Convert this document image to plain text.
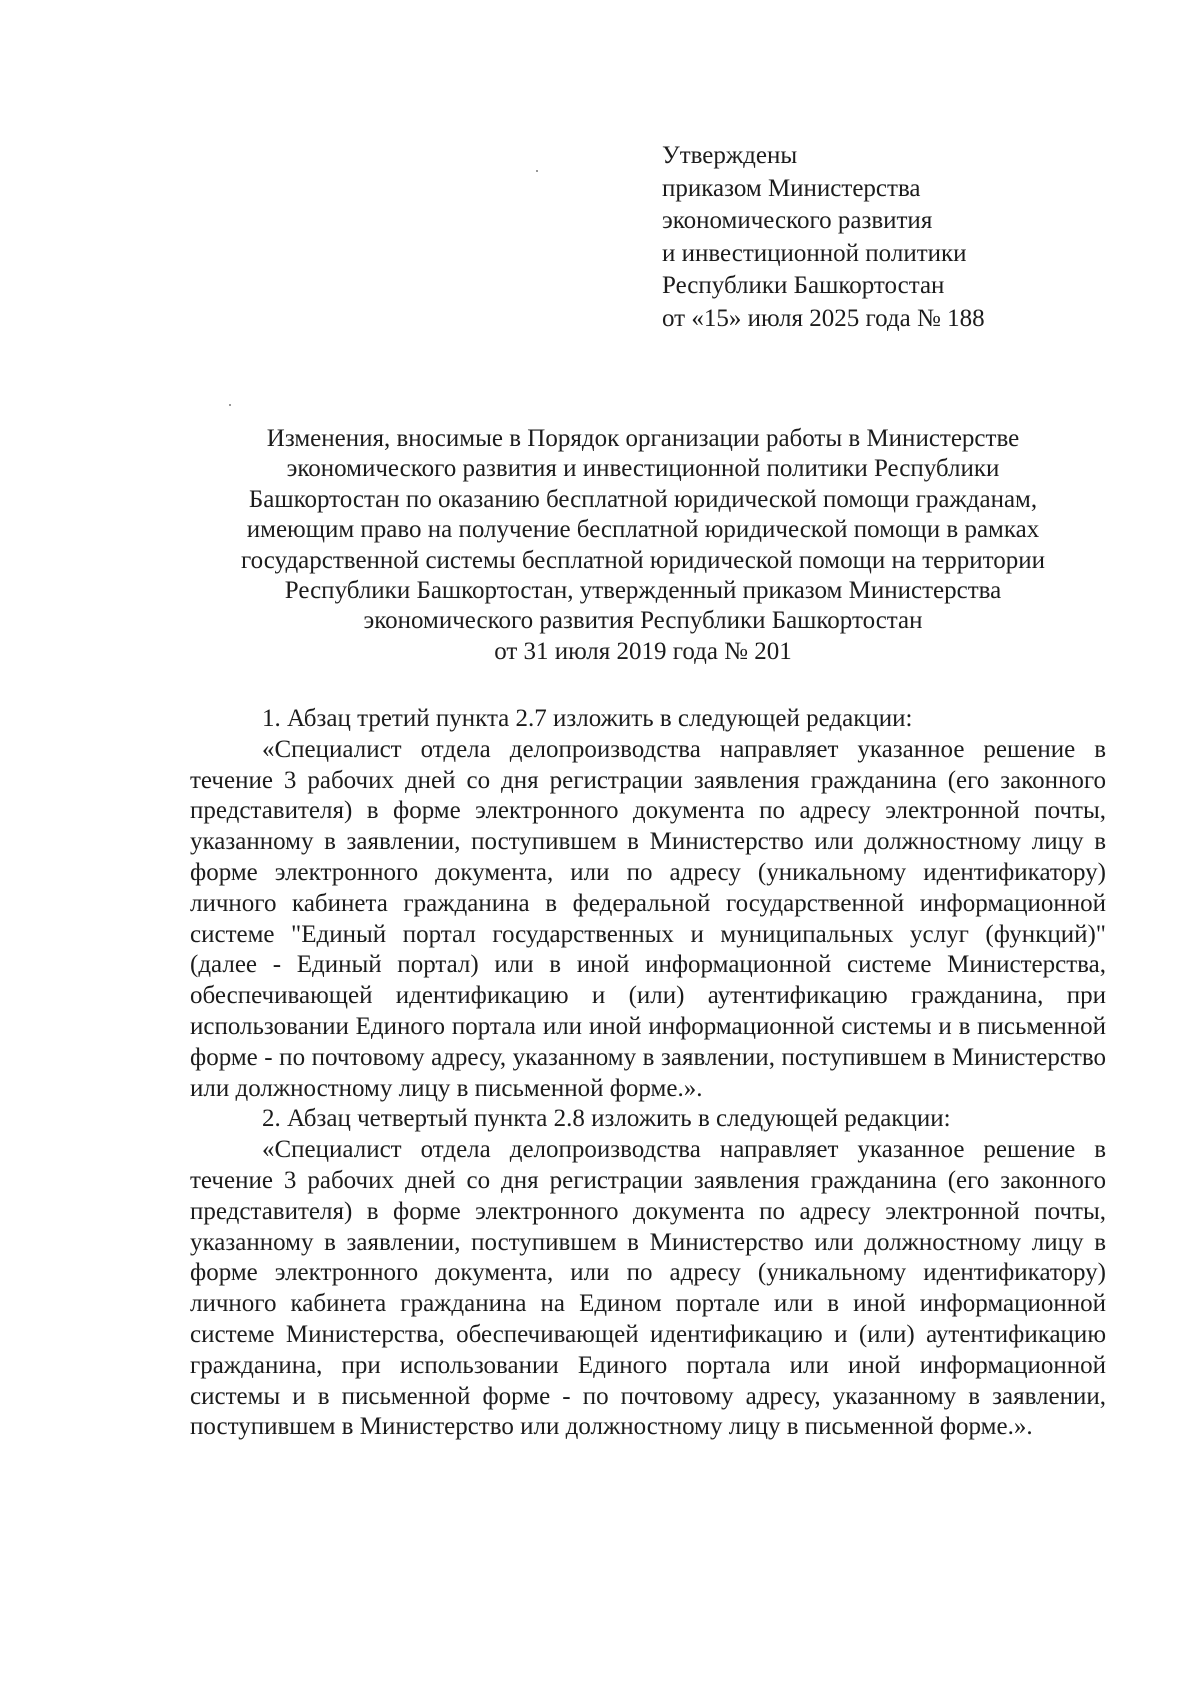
Утверждены
приказом Министерства
экономического развития
и инвестиционной политики
Республики Башкортостан
от «15» июля 2025 года № 188
Изменения, вносимые в Порядок организации работы в Министерстве
экономического развития и инвестиционной политики Республики
Башкортостан по оказанию бесплатной юридической помощи гражданам,
имеющим право на получение бесплатной юридической помощи в рамках
государственной системы бесплатной юридической помощи на территории
Республики Башкортостан, утвержденный приказом Министерства
экономического развития Республики Башкортостан
от 31 июля 2019 года № 201

1. Абзац третий пункта 2.7 изложить в следующей редакции:

«Специалист отдела делопроизводства направляет указанное решение в течение 3 рабочих дней со дня регистрации заявления гражданина (его законного представителя) в форме электронного документа по адресу электронной почты, указанному в заявлении, поступившем в Министерство или должностному лицу в форме электронного документа, или по адресу (уникальному идентификатору) личного кабинета гражданина в федеральной государственной информационной системе "Единый портал государственных и муниципальных услуг (функций)" (далее - Единый портал) или в иной информационной системе Министерства, обеспечивающей идентификацию и (или) аутентификацию гражданина, при использовании Единого портала или иной информационной системы и в письменной форме - по почтовому адресу, указанному в заявлении, поступившем в Министерство или должностному лицу в письменной форме.».

2. Абзац четвертый пункта 2.8 изложить в следующей редакции:

«Специалист отдела делопроизводства направляет указанное решение в течение 3 рабочих дней со дня регистрации заявления гражданина (его законного представителя) в форме электронного документа по адресу электронной почты, указанному в заявлении, поступившем в Министерство или должностному лицу в форме электронного документа, или по адресу (уникальному идентификатору) личного кабинета гражданина на Едином портале или в иной информационной системе Министерства, обеспечивающей идентификацию и (или) аутентификацию гражданина, при использовании Единого портала или иной информационной системы и в письменной форме - по почтовому адресу, указанному в заявлении, поступившем в Министерство или должностному лицу в письменной форме.».
